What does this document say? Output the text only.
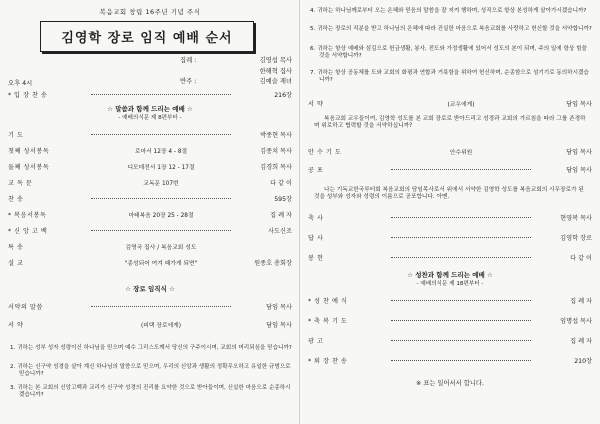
복음교회 창립 16주년 기념 주식
김영학 장로 임직 예배 순서
집례 :	김영섭 목사
한해혁 집사
반주 :	김예슬 재녀
오후 4시
* 입 장 찬 송	216장
☆ 말씀과 함께 드리는 예배 ☆
- 예배의식문 제 8편부터 -
기 도	박종현 목사
첫째 성서봉독	로마서 12장 4 - 8절	김종치 목사
둘째 성서봉독	디모데전서 1장 12 - 17절	김경희 목사
교 독 문	교독문 107번	다 같 이
찬 송	595장
* 복음서봉독	마태복음 20장 25 - 28절	집 례 자
* 신 앙 고 백	사도신조
특 송	김영국 집사 / 복음교회 성도
설 교	"종성되어 여겨 때가게 되면"	원종호 총회장
☆ 장로 임직식 ☆
서약의 말씀	담임 목사
서 약	(피택 장로에게)	담임 목사
1. 귀하는 성부 성자 성령이신 하나님을 믿으며 예수 그리스도께서 당신의 구주이시며, 교회의 머리되심을 믿습니까?
2. 귀하는 신구약 성경을 살아 계신 하나님의 말씀으로 믿으며, 우리의 신앙과 생활의 정확무오하고 유일한 규범으로 믿습니까?
3. 귀하는 본 교회의 신앙고백과 교리가 신구약 성경의 진리를 요약한 것으로 받아들이며, 신실한 마음으로 순종하시겠습니까?
4. 귀하는 하나님께로부터 오는 은혜와 믿음의 말씀을 잘 지켜 행하며, 성직으로 항상 본성하게 살아가시겠습니까?
5. 귀하는 장로의 직분을 받고 하나님의 은혜에 따라 진실한 마음으로 복음교회를 사랑하고 헌신할 것을 서약합니까?
6. 귀하는 항상 예배와 섬김으로 헌금생활, 봉사, 전도와 가정생활에 있어서 성도의 본이 되며, 주의 일에 항상 힘쓸 것을 서약합니까?
7. 귀하는 항상 공동체를 도와 교회의 화평과 연합과 거룩함을 위하여 헌신하며, 순종함으로 섬기기로 동의하시겠습니까?
서 약	(교우에게)	담임 목사
복음교회 교우들이여, 김영학 성도를 본 교회 장로로 받아드리고 성경과 교회의 가르침을 따라 그를 존경하며 위로하고 협력할 것을 서약하십니까?
안 수 기 도	안수위원	담임 목사
공 포	담임 목사
나는 기독교한국루터회 복음교회의 담임목사로서 위에서 서약한 김영학 성도를 복음교회의 시무장로가 된 것을 성부와 성자와 성령의 이름으로 공포합니다. 아멘.
축 사	현영복 목사
답 사	김영학 장로
봉 헌	다 같 이
☆ 성찬과 함께 드리는 예배 ☆
- 예배의식문 제 18편부터 -
* 성 찬 예 식	집 례 자
* 축 복 기 도	임명섭 목사
광 고	집 례 자
* 퇴 장 찬 송	210장
※ 표는 일어서서 합니다.
